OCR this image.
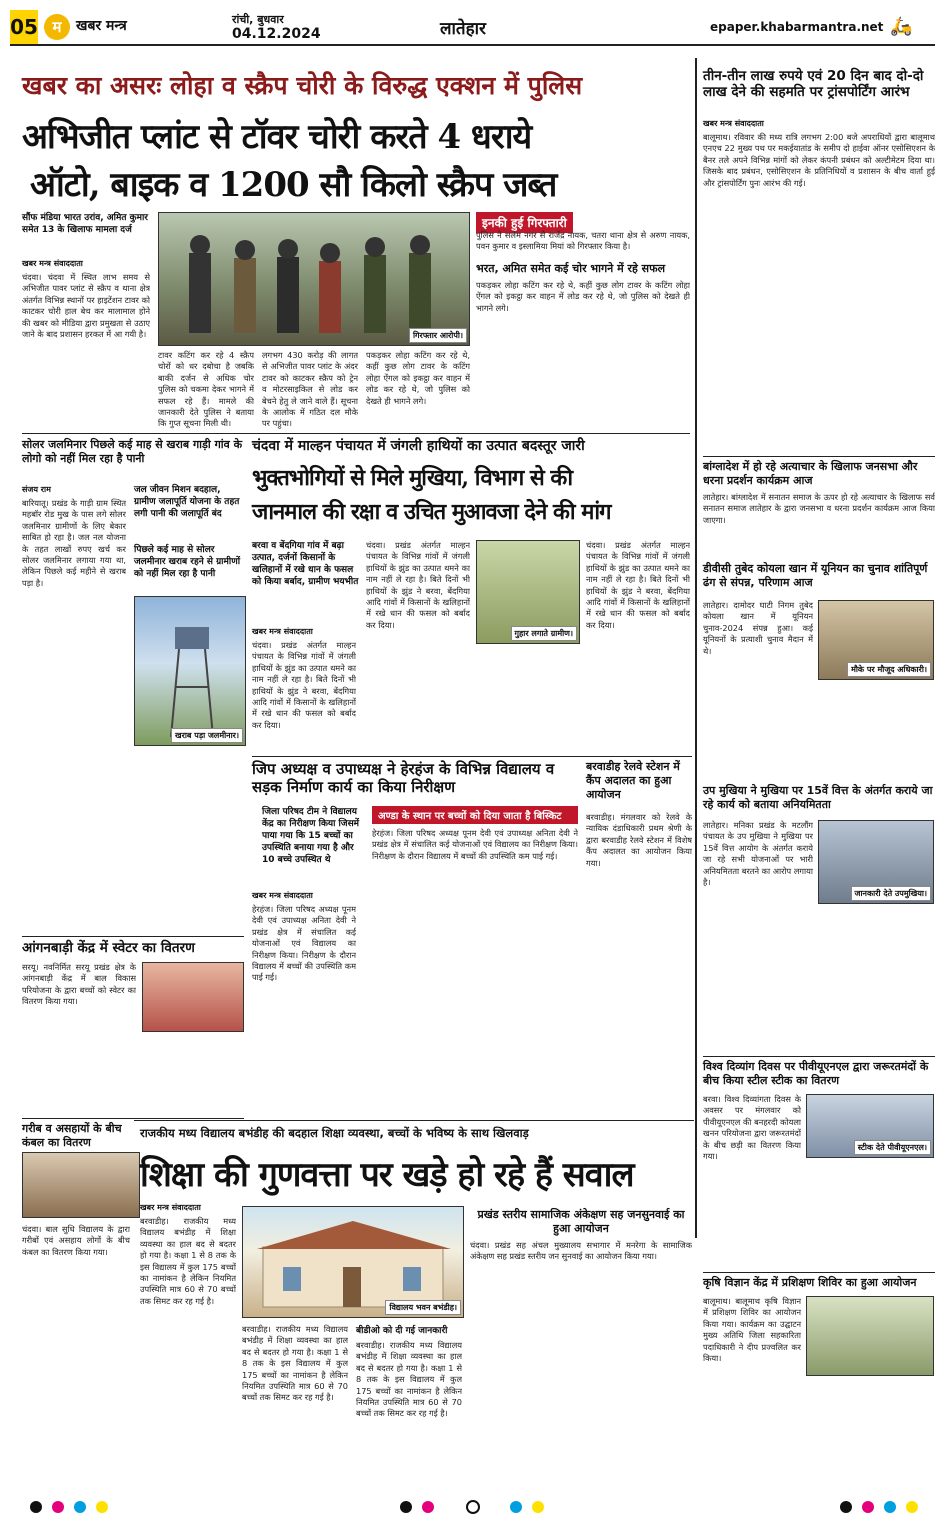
05 म	खबर मन्त्र	रांची, बुधवार
04.12.2024	लातेहार	epaper.khabarmantra.net 🛵
खबर का असरः लोहा व स्क्रैप चोरी के विरुद्ध एक्शन में पुलिस
अभिजीत प्लांट से टॉवर चोरी करते 4 धराये
ऑटो, बाइक व 1200 सौ किलो स्क्रैप जब्त
सौंफ मंडिया भारत उरांव, अमित कुमार समेत 13 के खिलाफ मामला दर्ज
खबर मन्त्र संवाददाता
चंदवा। चंदवा में स्थित लाभ समय से अभिजीत पावर प्लांट से स्क्रैप व थाना क्षेत्र अंतर्गत विभिन्न स्थानों पर हाइटेंशन टावर को काटकर चोरी हाल बेच कर मालामाल होने की खबर को मीडिया द्वारा प्रमुखता से उठाए जाने के बाद प्रशासन हरकत में आ गयी है।	गिरफ्तार आरोपी।
इनकी हुई गिरफ्तारी
पुलिस ने सलेम नगर से राजेंद्र नायक, चतरा थाना क्षेत्र से अरुण नायक, पवन कुमार व इस्लामिया मियां को गिरफ्तार किया है।
भरत, अमित समेत कई चोर भागने में रहे सफल
पकड़कर लोहा कटिंग कर रहे थे, कहीं कुछ लोग टावर के कटिंग लोहा ऐंगल को इकट्ठा कर वाहन में लोड कर रहे थे, जो पुलिस को देखते ही भागने लगे।
टावर कटिंग कर रहे 4 स्क्रैप चोरों को धर दबोचा है जबकि बाकी दर्जन से अधिक चोर पुलिस को चकमा देकर भागने में सफल रहे हैं। मामले की जानकारी देते पुलिस ने बताया कि गुप्त सूचना मिली थी।
लगभग 430 करोड़ की लागत से अभिजीत पावर प्लांट के अंदर टावर को काटकर स्क्रैप को ट्रेन व मोटरसाइकिल से लोड कर बेचने हेतु ले जाने वाले हैं। सूचना के आलोक में गठित दल मौके पर पहुंचा।
पकड़कर लोहा कटिंग कर रहे थे, कहीं कुछ लोग टावर के कटिंग लोहा ऐंगल को इकट्ठा कर वाहन में लोड कर रहे थे, जो पुलिस को देखते ही भागने लगे।
तीन-तीन लाख रुपये एवं 20 दिन बाद दो-दो लाख देने की सहमति पर ट्रांसपोर्टिंग आरंभ
खबर मन्त्र संवाददाता
बालूमाथ। रविवार की मध्य रात्रि लगभग 2:00 बजे अपराधियों द्वारा बालूमाथ एनएच 22 मुख्य पथ पर मकईयातांड के समीप दो हाईवा ऑनर एसोसिएशन के बैनर तले अपने विभिन्न मांगों को लेकर कंपनी प्रबंधन को अल्टीमेटम दिया था। जिसके बाद प्रबंधन, एसोसिएशन के प्रतिनिधियों व प्रशासन के बीच वार्ता हुई और ट्रांसपोर्टिंग पुनः आरंभ की गई।
सोलर जलमिनार पिछले कई माह से खराब गाड़ी गांव के लोगो को नहीं मिल रहा है पानी
संजय राम
बारियातू। प्रखंड के गाड़ी ग्राम स्थित महबॉर रोड मुख के पास लगे सोलर जलमिनार ग्रामीणों के लिए बेकार साबित हो रहा है। जल नल योजना के तहत लाखों रुपए खर्च कर सोलर जलमिनार लगाया गया था, लेकिन पिछले कई महीने से खराब पड़ा है।
जल जीवन मिशन बदहाल, ग्रामीण जलापूर्ति योजना के तहत लगी पानी की जलापूर्ति बंद
पिछले कई माह से सोलर जलमीनार खराब रहने से ग्रामीणों को नहीं मिल रहा है पानी
खराब पड़ा जलमीनार।
चंदवा में माल्हन पंचायत में जंगली हाथियों का उत्पात बदस्तूर जारी
भुक्तभोगियों से मिले मुखिया, विभाग से की
जानमाल की रक्षा व उचित मुआवजा देने की मांग
बरवा व बेंदगिया गांव में बढ़ा उत्पात, दर्जनों किसानों के खलिहानों में रखे धान के फसल को किया बर्बाद, ग्रामीण भयभीत
खबर मन्त्र संवाददाता
चंदवा। प्रखंड अंतर्गत माल्हन पंचायत के विभिन्न गांवों में जंगली हाथियों के झुंड का उत्पात थमने का नाम नहीं ले रहा है। बिते दिनों भी हाथियों के झुंड ने बरवा, बेंदगिया आदि गांवों में किसानों के खलिहानों में रखे धान की फसल को बर्बाद कर दिया।
गुहार लगाते ग्रामीण।
चंदवा। प्रखंड अंतर्गत माल्हन पंचायत के विभिन्न गांवों में जंगली हाथियों के झुंड का उत्पात थमने का नाम नहीं ले रहा है। बिते दिनों भी हाथियों के झुंड ने बरवा, बेंदगिया आदि गांवों में किसानों के खलिहानों में रखे धान की फसल को बर्बाद कर दिया।
चंदवा। प्रखंड अंतर्गत माल्हन पंचायत के विभिन्न गांवों में जंगली हाथियों के झुंड का उत्पात थमने का नाम नहीं ले रहा है। बिते दिनों भी हाथियों के झुंड ने बरवा, बेंदगिया आदि गांवों में किसानों के खलिहानों में रखे धान की फसल को बर्बाद कर दिया।
जिप अध्यक्ष व उपाध्यक्ष ने हेरहंज के विभिन्न विद्यालय व सड़क निर्माण कार्य का किया निरीक्षण
जिला परिषद टीम ने विद्यालय केंद्र का निरीक्षण किया जिसमें पाया गया कि 15 बच्चों का उपस्थिति बनाया गया है और 10 बच्चे उपस्थित थे
खबर मन्त्र संवाददाता
हेरहंज। जिला परिषद अध्यक्ष पूनम देवी एवं उपाध्यक्ष अनिता देवी ने प्रखंड क्षेत्र में संचालित कई योजनाओं एवं विद्यालय का निरीक्षण किया। निरीक्षण के दौरान विद्यालय में बच्चों की उपस्थिति कम पाई गई।
अण्डा के स्थान पर बच्चों को दिया जाता है बिस्किट
हेरहंज। जिला परिषद अध्यक्ष पूनम देवी एवं उपाध्यक्ष अनिता देवी ने प्रखंड क्षेत्र में संचालित कई योजनाओं एवं विद्यालय का निरीक्षण किया। निरीक्षण के दौरान विद्यालय में बच्चों की उपस्थिति कम पाई गई।
बरवाडीह रेलवे स्टेशन में कैंप अदालत का हुआ आयोजन
बरवाडीह। मंगलवार को रेलवे के न्यायिक दंडाधिकारी प्रथम श्रेणी के द्वारा बरवाडीह रेलवे स्टेशन में विशेष कैंप अदालत का आयोजन किया गया।
बांग्लादेश में हो रहे अत्याचार के खिलाफ जनसभा और धरना प्रदर्शन कार्यक्रम आज
लातेहार। बांग्लादेश में सनातन समाज के ऊपर हो रहे अत्याचार के खिलाफ सर्व सनातन समाज लातेहार के द्वारा जनसभा व धरना प्रदर्शन कार्यक्रम आज किया जाएगा।
डीवीसी तुबेद कोयला खान में यूनियन का चुनाव शांतिपूर्ण ढंग से संपन्न, परिणाम आज
मौके पर मौजूद अधिकारी।
लातेहार। दामोदर घाटी निगम तुबेद कोयला खान में यूनियन चुनाव-2024 संपन्न हुआ। कई यूनियनों के प्रत्याशी चुनाव मैदान में थे।
उप मुखिया ने मुखिया पर 15वें वित्त के अंतर्गत कराये जा रहे कार्य को बताया अनियमितता
जानकारी देते उपमुखिया।
लातेहार। मनिका प्रखंड के मटलौंग पंचायत के उप मुखिया ने मुखिया पर 15वें वित्त आयोग के अंतर्गत कराये जा रहे सभी योजनाओं पर भारी अनियमितता बरतने का आरोप लगाया है।
आंगनबाड़ी केंद्र में स्वेटर का वितरण
सरयू। नवनिर्मित सरयू प्रखंड क्षेत्र के आंगनबाड़ी केंद्र में बाल विकास परियोजना के द्वारा बच्चों को स्वेटर का वितरण किया गया।
गरीब व असहायों के बीच कंबल का वितरण
चंदवा। बाल सुधि विद्यालय के द्वारा गरीबों एवं असहाय लोगों के बीच कंबल का वितरण किया गया।
राजकीय मध्य विद्यालय बभंडीह की बदहाल शिक्षा व्यवस्था, बच्चों के भविष्य के साथ खिलवाड़
शिक्षा की गुणवत्ता पर खड़े हो रहे हैं सवाल
खबर मन्त्र संवाददाता
बरवाडीह। राजकीय मध्य विद्यालय बभंडीह में शिक्षा व्यवस्था का हाल बद से बदतर हो गया है। कक्षा 1 से 8 तक के इस विद्यालय में कुल 175 बच्चों का नामांकन है लेकिन नियमित उपस्थिति मात्र 60 से 70 बच्चों तक सिमट कर रह गई है।
विद्यालय भवन बभंडीह।
बरवाडीह। राजकीय मध्य विद्यालय बभंडीह में शिक्षा व्यवस्था का हाल बद से बदतर हो गया है। कक्षा 1 से 8 तक के इस विद्यालय में कुल 175 बच्चों का नामांकन है लेकिन नियमित उपस्थिति मात्र 60 से 70 बच्चों तक सिमट कर रह गई है।
बीडीओ को दी गई जानकारी
बरवाडीह। राजकीय मध्य विद्यालय बभंडीह में शिक्षा व्यवस्था का हाल बद से बदतर हो गया है। कक्षा 1 से 8 तक के इस विद्यालय में कुल 175 बच्चों का नामांकन है लेकिन नियमित उपस्थिति मात्र 60 से 70 बच्चों तक सिमट कर रह गई है।
प्रखंड स्तरीय सामाजिक अंकेक्षण सह जनसुनवाई का हुआ आयोजन
चंदवा। प्रखंड सह अंचल मुख्यालय सभागार में मनरेगा के सामाजिक अंकेक्षण सह प्रखंड स्तरीय जन सुनवाई का आयोजन किया गया।
विश्व दिव्यांग दिवस पर पीवीयूएनएल द्वारा जरूरतमंदों के बीच किया स्टील स्टीक का वितरण
स्टीक देते पीवीयूएनएल।
बरवा। विश्व दिव्यांगता दिवस के अवसर पर मंगलवार को पीवीयूएनएल की बनहरदी कोयला खनन परियोजना द्वारा जरूरतमंदों के बीच छड़ी का वितरण किया गया।
कृषि विज्ञान केंद्र में प्रशिक्षण शिविर का हुआ आयोजन
बालूमाथ। बालूमाथ कृषि विज्ञान में प्रशिक्षण शिविर का आयोजन किया गया। कार्यक्रम का उद्घाटन मुख्य अतिथि जिला सहकारिता पदाधिकारी ने दीप प्रज्वलित कर किया।
